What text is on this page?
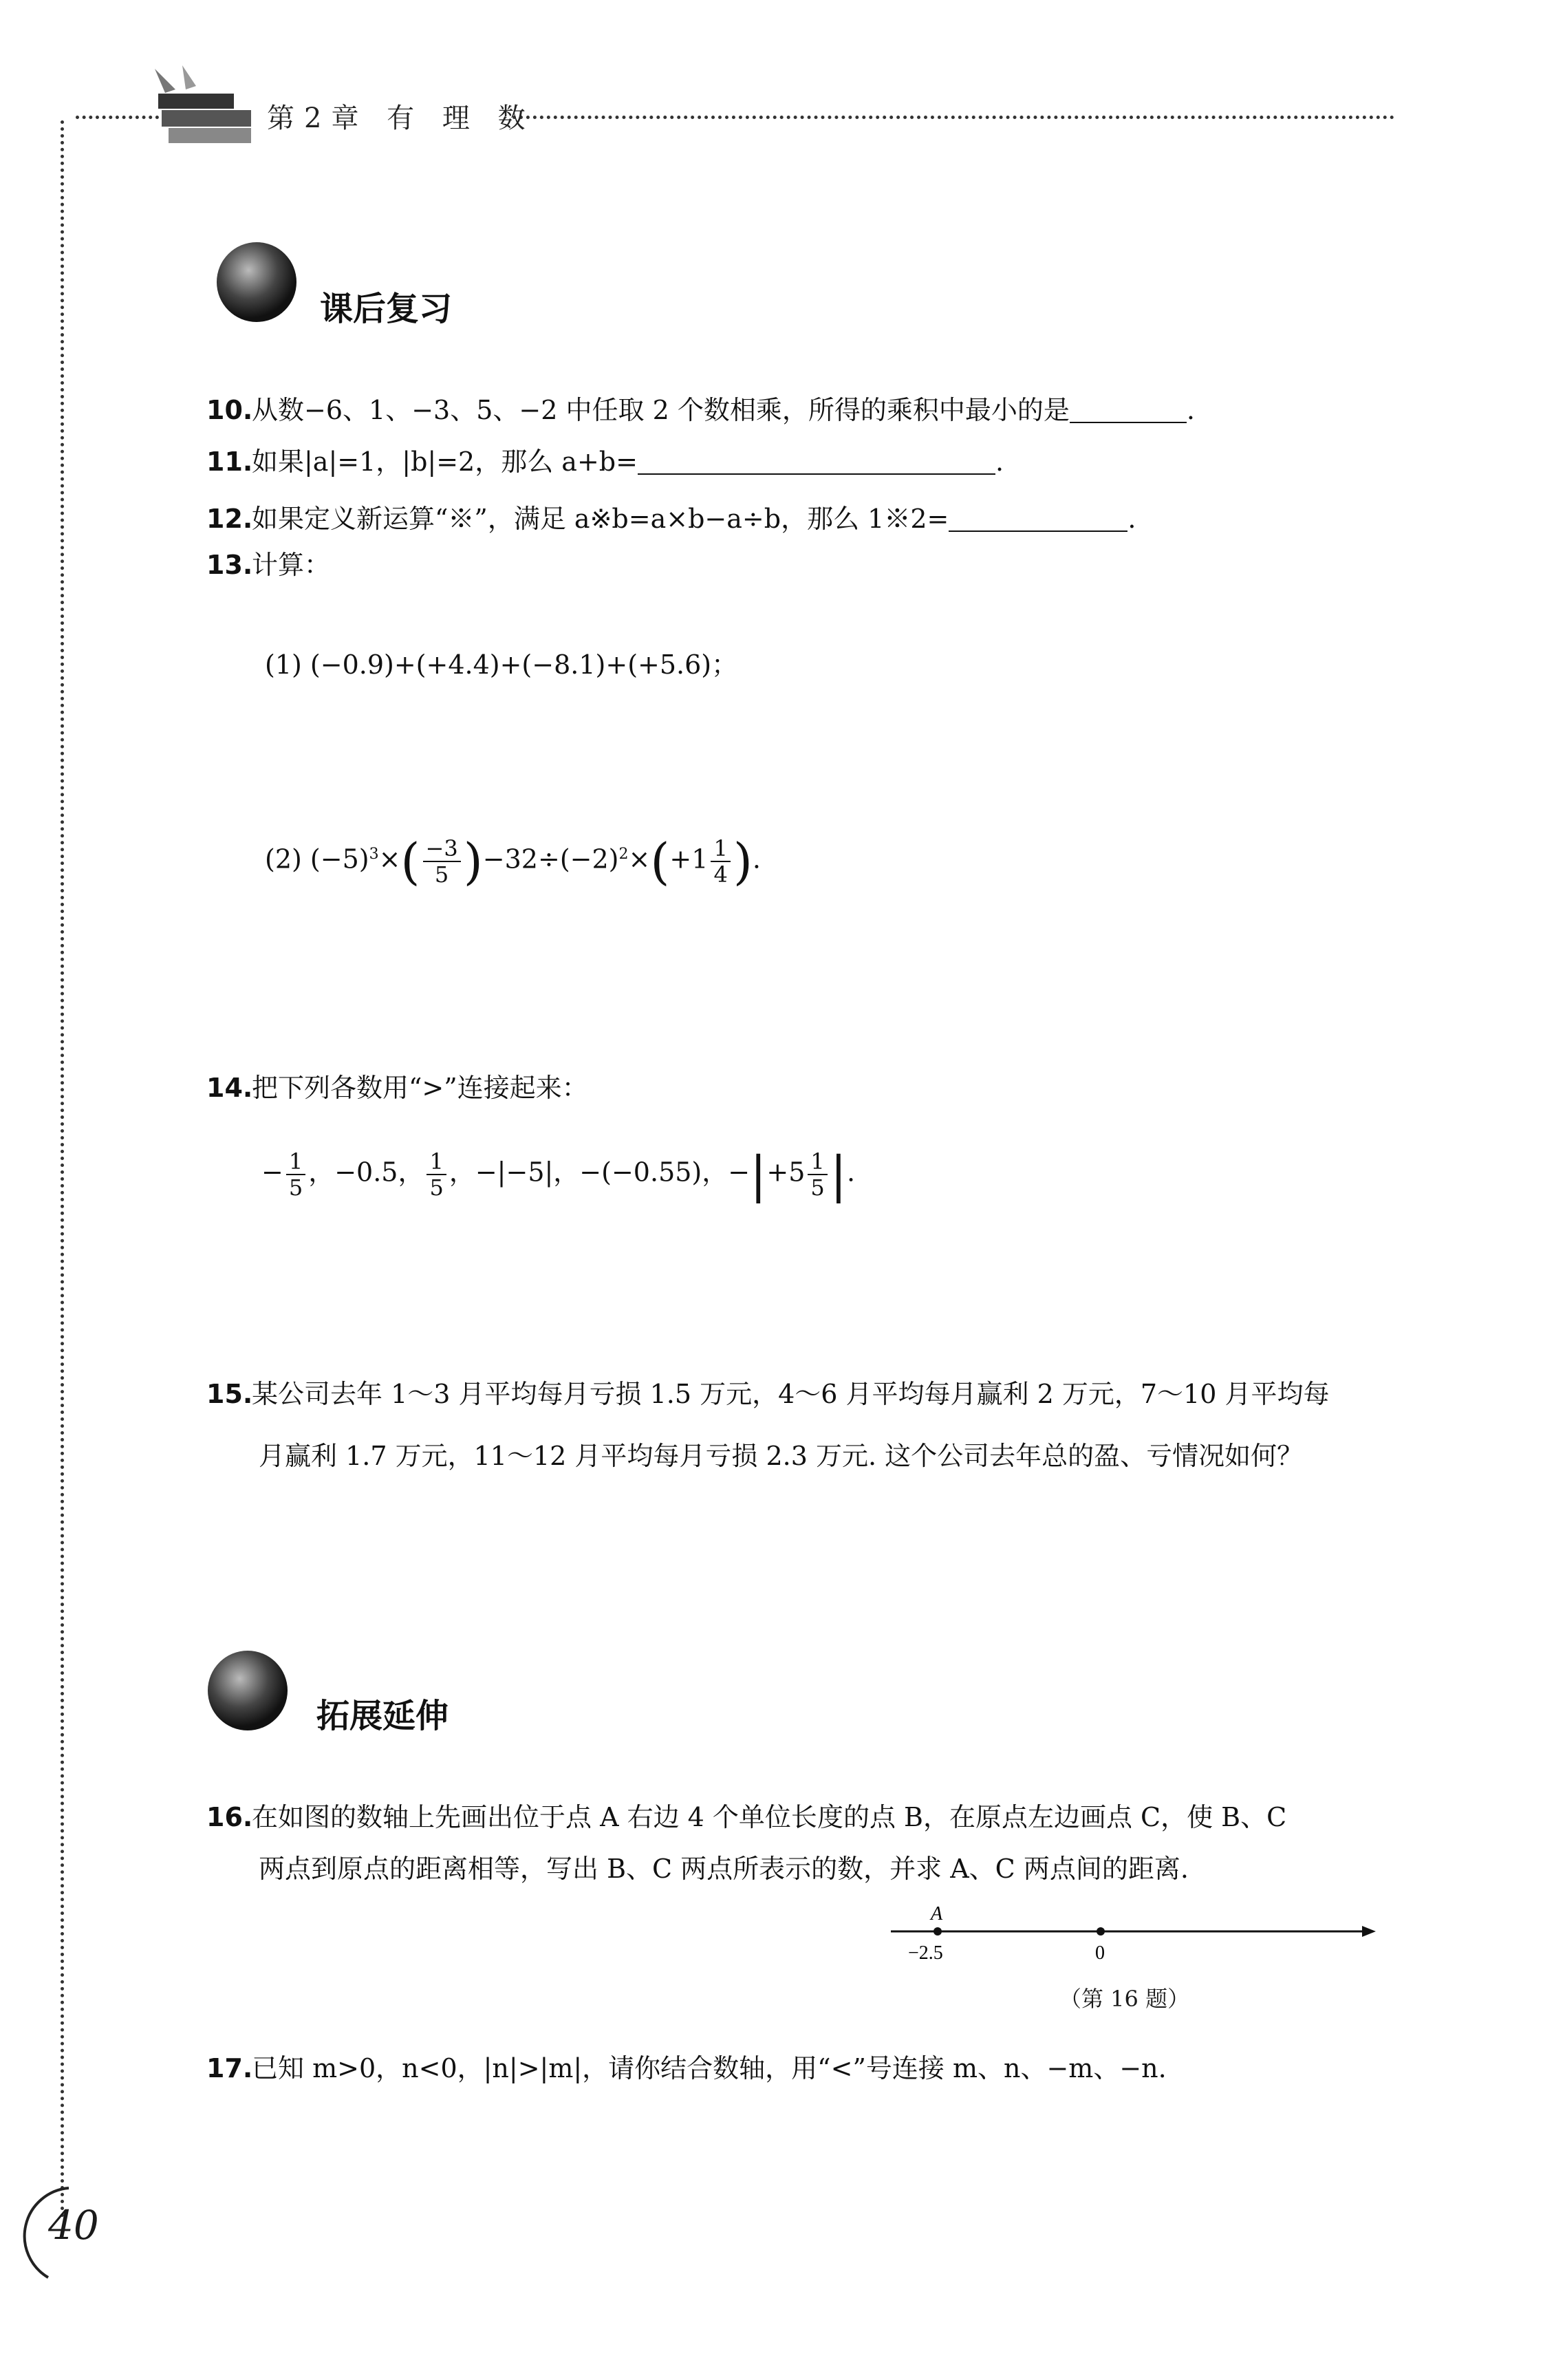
第2章 有 理 数
课后复习
10.从数−6、1、−3、5、−2 中任取 2 个数相乘，所得的乘积中最小的是	.
11.如果|a|=1，|b|=2，那么 a+b=	.
12.如果定义新运算“※”，满足 a※b=a×b−a÷b，那么 1※2=	.
13.计算：
(1) (−0.9)+(+4.4)+(−8.1)+(+5.6)；
(2) $(-5)^3\times( \frac{-3}{5} )-32\div(-2)^2\times(+1 \frac{1}{4}$ ).
14.把下列各数用“>”连接起来：
− $\frac{1}{5}$ ，−0.5， $\frac{1}{5}$ ，−|−5|，−(−0.55)，$-|+5 \frac{1}{5}$ |.
15.某公司去年 1～3 月平均每月亏损 1.5 万元，4～6 月平均每月赢利 2 万元，7～10 月平均每
月赢利 1.7 万元，11～12 月平均每月亏损 2.3 万元. 这个公司去年总的盈、亏情况如何？
拓展延伸
16.在如图的数轴上先画出位于点 A 右边 4 个单位长度的点 B，在原点左边画点 C，使 B、C
两点到原点的距离相等，写出 B、C 两点所表示的数，并求 A、C 两点间的距离.
A
−2.5	0
（第 16 题）
17.已知 m>0，n<0，|n|>|m|，请你结合数轴，用“<”号连接 m、n、−m、−n.
40
